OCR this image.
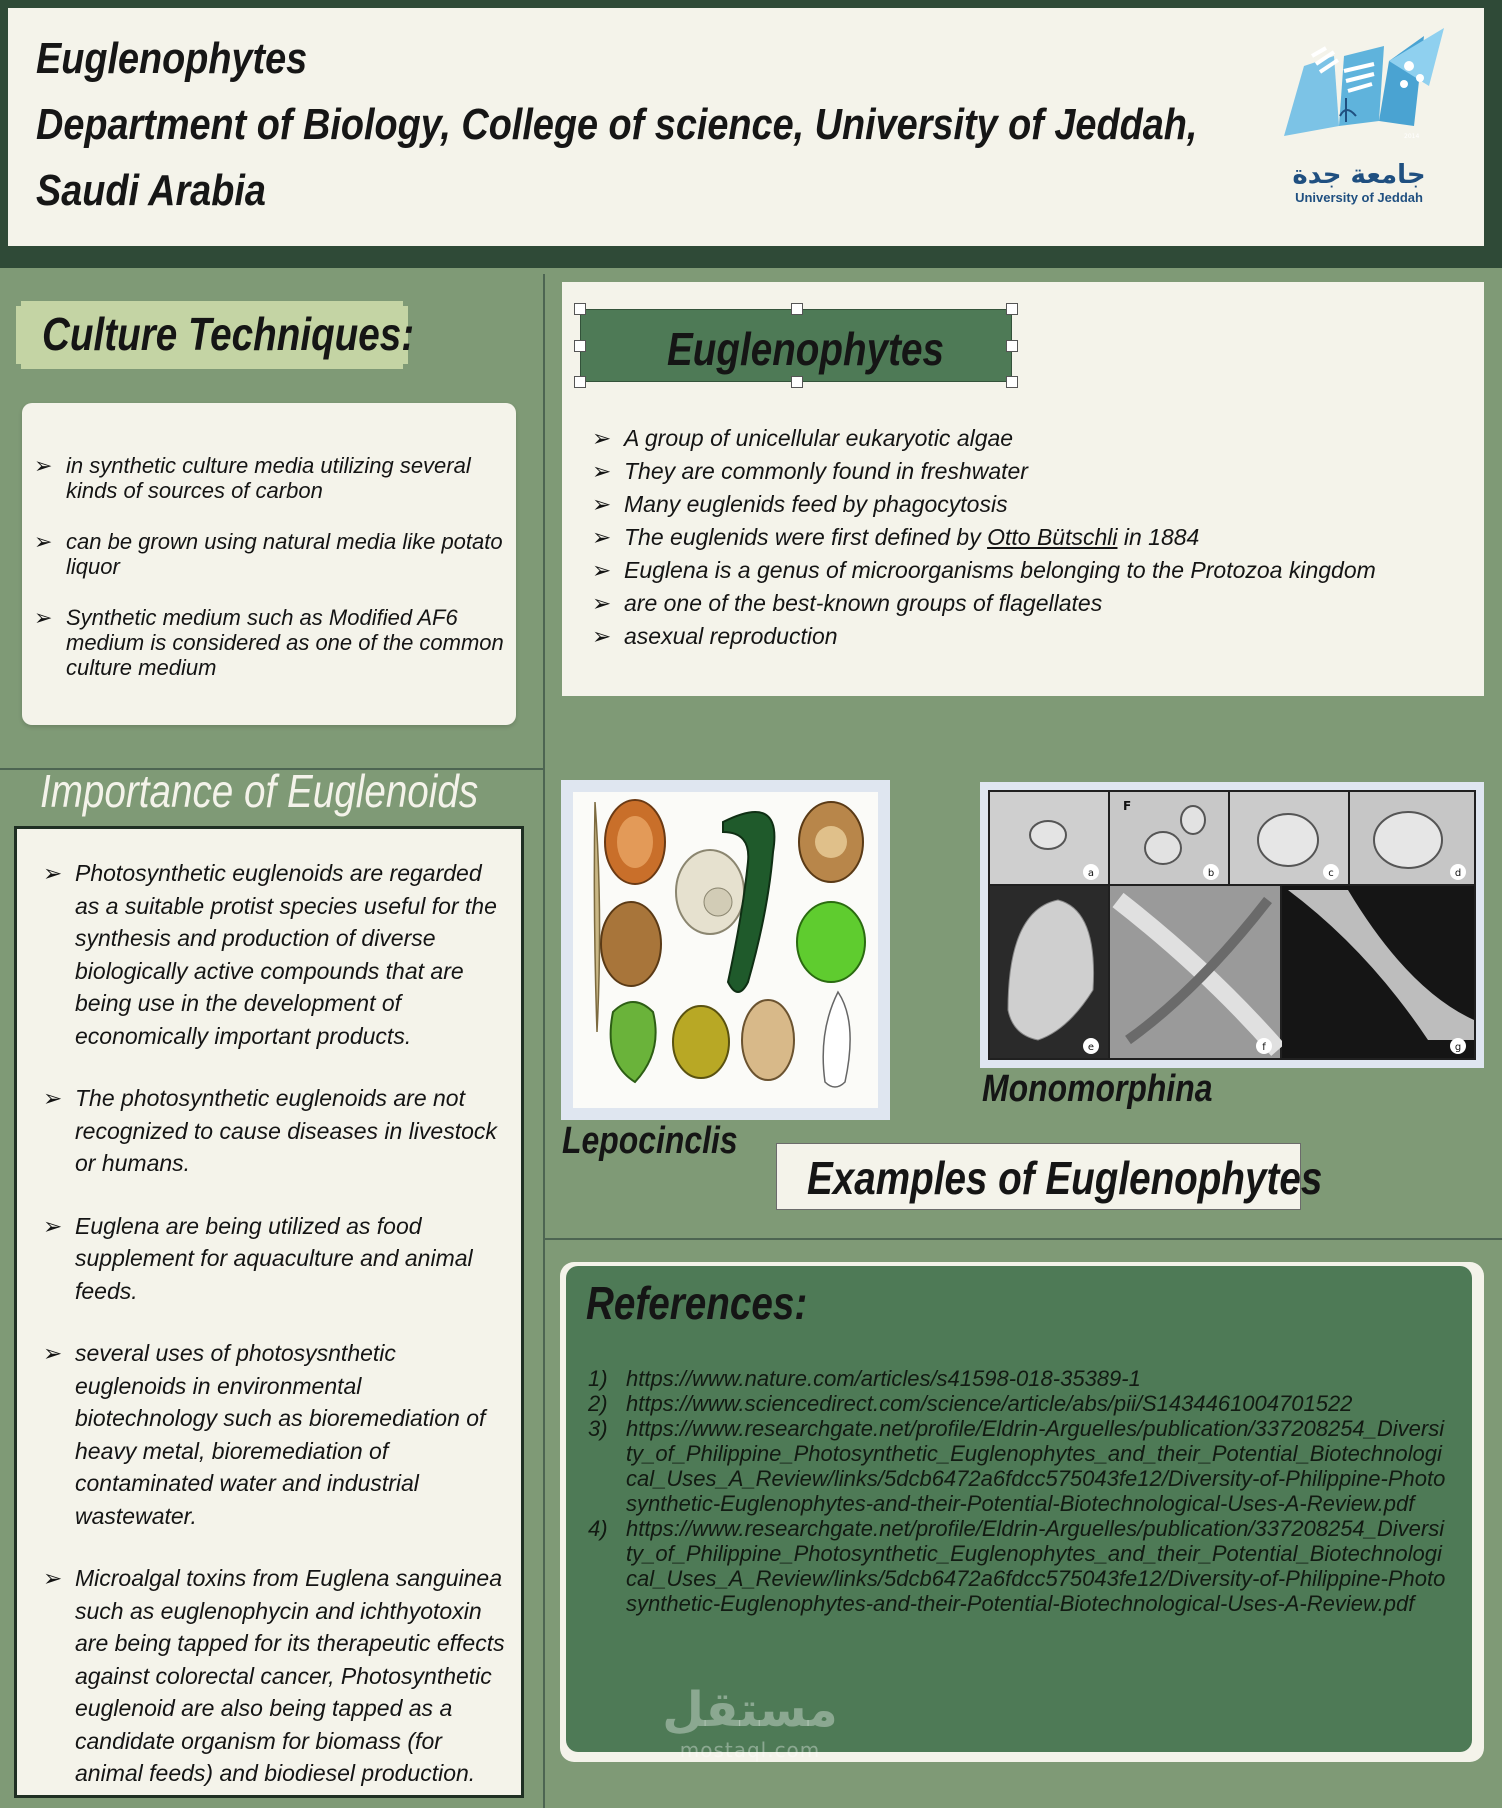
Euglenophytes
Department of Biology, College of science, University of Jeddah,
Saudi Arabia
2014
جامعة جدة
University of Jeddah
Culture Techniques:
➢ in synthetic culture media utilizing several kinds of sources of carbon
➢ can be grown using natural media like potato liquor
➢ Synthetic medium such as Modified AF6 medium is considered as one of the common culture medium
Importance of Euglenoids
➢ Photosynthetic euglenoids are regarded as a suitable protist species useful for the synthesis and production of diverse biologically active compounds that are being use in the development of economically important products.
➢ The photosynthetic euglenoids are not recognized to cause diseases in livestock or humans.
➢ Euglena are being utilized as food supplement for aquaculture and animal feeds.
➢ several uses of photosysnthetic euglenoids in environmental biotechnology such as bioremediation of heavy metal, bioremediation of contaminated water and industrial wastewater.
➢ Microalgal toxins from Euglena sanguinea such as euglenophycin and ichthyotoxin are being tapped for its therapeutic effects against colorectal cancer, Photosynthetic euglenoid are also being tapped as a candidate organism for biomass (for animal feeds) and biodiesel production.
Euglenophytes
➢ A group of unicellular eukaryotic algae
➢ They are commonly found in freshwater
➢ Many euglenids feed by phagocytosis
➢ The euglenids were first defined by Otto Bütschli in 1884
➢ Euglena is a genus of microorganisms belonging to the Protozoa kingdom
➢ are one of the best-known groups of flagellates
➢ asexual reproduction
F
a	b	c	d
e	f	g
Lepocinclis
Monomorphina
Examples of Euglenophytes
References:
1) https://www.nature.com/articles/s41598-018-35389-1
2) https://www.sciencedirect.com/science/article/abs/pii/S1434461004701522
3) https://www.researchgate.net/profile/Eldrin-Arguelles/publication/337208254_Diversity_of_Philippine_Photosynthetic_Euglenophytes_and_their_Potential_Biotechnological_Uses_A_Review/links/5dcb6472a6fdcc575043fe12/Diversity-of-Philippine-Photosynthetic-Euglenophytes-and-their-Potential-Biotechnological-Uses-A-Review.pdf
4) https://www.researchgate.net/profile/Eldrin-Arguelles/publication/337208254_Diversity_of_Philippine_Photosynthetic_Euglenophytes_and_their_Potential_Biotechnological_Uses_A_Review/links/5dcb6472a6fdcc575043fe12/Diversity-of-Philippine-Photosynthetic-Euglenophytes-and-their-Potential-Biotechnological-Uses-A-Review.pdf
مستقل
mostaql.com
